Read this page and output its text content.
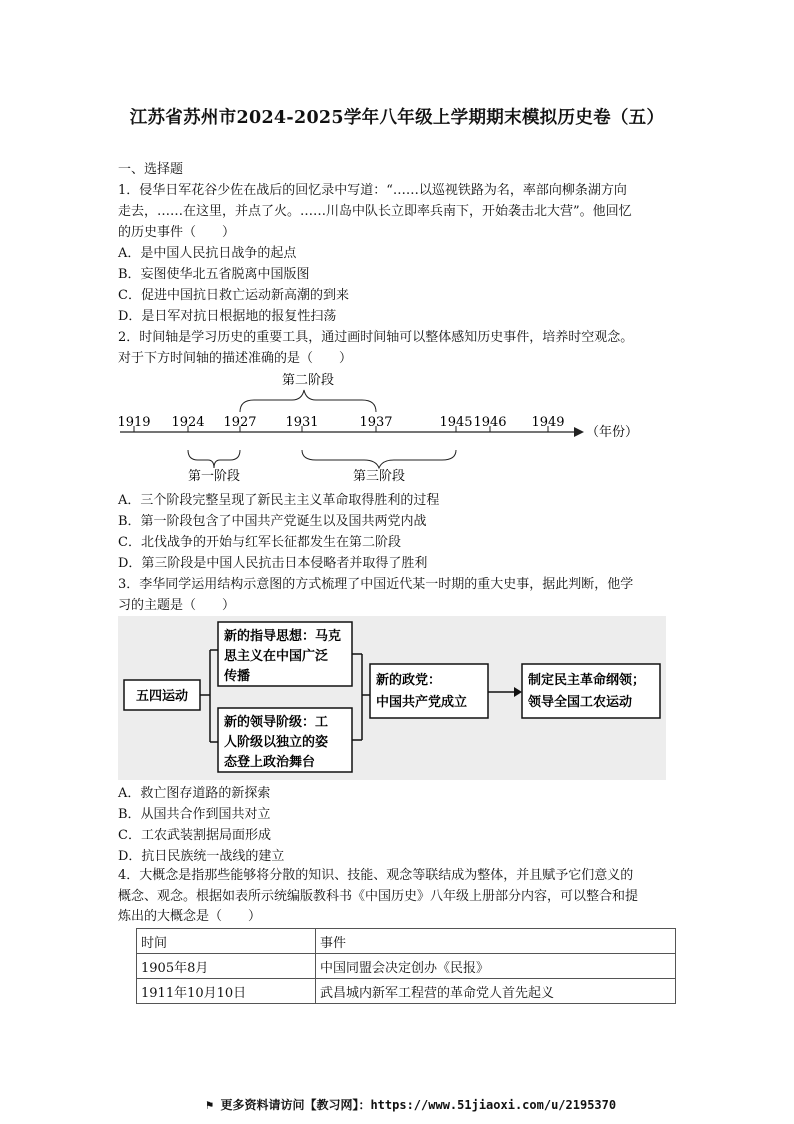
江苏省苏州市2024-2025学年八年级上学期期末模拟历史卷（五）
一、选择题
1．侵华日军花谷少佐在战后的回忆录中写道：“……以巡视铁路为名，率部向柳条湖方向
走去，……在这里，并点了火。……川岛中队长立即率兵南下，开始袭击北大营”。他回忆
的历史事件（　　）
A．是中国人民抗日战争的起点
B．妄图使华北五省脱离中国版图
C．促进中国抗日救亡运动新高潮的到来
D．是日军对抗日根据地的报复性扫荡
2．时间轴是学习历史的重要工具，通过画时间轴可以整体感知历史事件，培养时空观念。
对于下方时间轴的描述准确的是（　　）
第二阶段
（年份）
1919 1924 1927 1931	1937	1945 1946 1949
第一阶段	第三阶段
A．三个阶段完整呈现了新民主主义革命取得胜利的过程
B．第一阶段包含了中国共产党诞生以及国共两党内战
C．北伐战争的开始与红军长征都发生在第二阶段
D．第三阶段是中国人民抗击日本侵略者并取得了胜利
3．李华同学运用结构示意图的方式梳理了中国近代某一时期的重大史事，据此判断，他学
习的主题是（　　）
五四运动
新的指导思想：马克
思主义在中国广泛
传播
新的领导阶级：工
人阶级以独立的姿
态登上政治舞台
新的政党：
中国共产党成立
制定民主革命纲领；
领导全国工农运动
A．救亡图存道路的新探索
B．从国共合作到国共对立
C．工农武装割据局面形成
D．抗日民族统一战线的建立
4．大概念是指那些能够将分散的知识、技能、观念等联结成为整体，并且赋予它们意义的
概念、观念。根据如表所示统编版教科书《中国历史》八年级上册部分内容，可以整合和提
炼出的大概念是（　　）
时间	事件
1905年8月	中国同盟会决定创办《民报》
1911年10月10日	武昌城内新军工程营的革命党人首先起义
⚑ 更多资料请访问【教习网】：https://www.51jiaoxi.com/u/2195370
